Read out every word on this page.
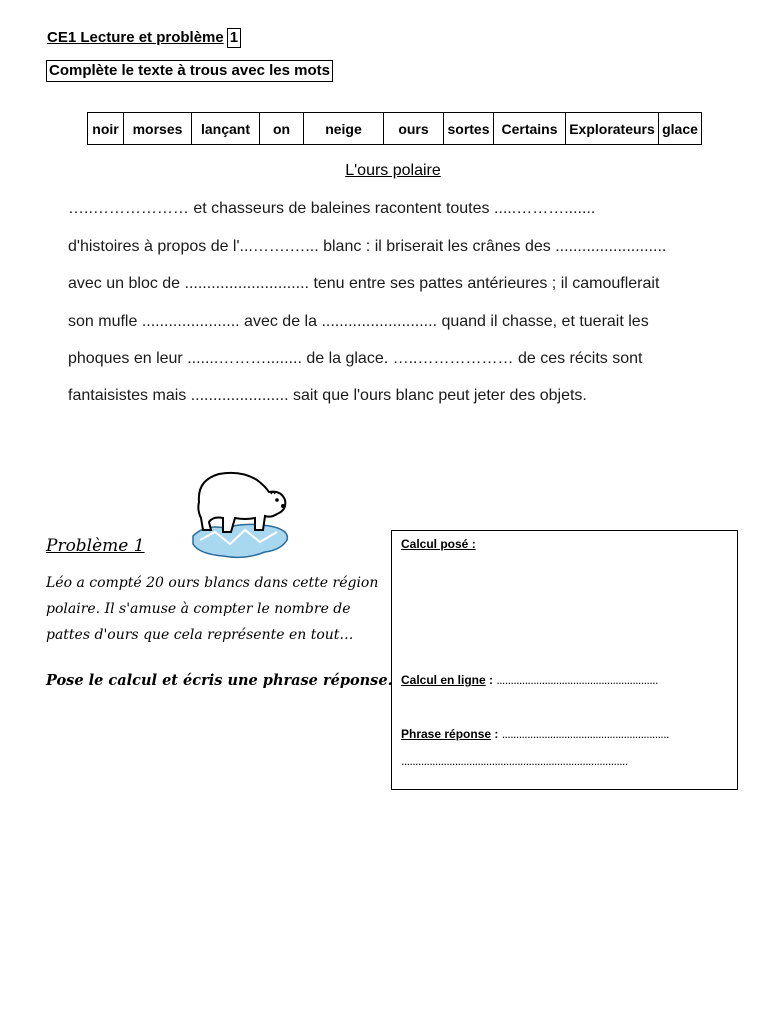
CE1 Lecture et problème 1
Complète le texte à trous avec les mots
noir morses	lançant	on	neige	ours	sortes Certains Explorateurs glace
L'ours polaire
…..……………… et chasseurs de baleines racontent toutes .....……….......
d'histoires à propos de l'...…….…... blanc : il briserait les crânes des .........................
avec un bloc de ............................ tenu entre ses pattes antérieures ; il camouflerait
son mufle ...................... avec de la .......................... quand il chasse, et tuerait les
phoques en leur .......………........ de la glace. …..……………… de ces récits sont
fantaisistes mais ...................... sait que l'ours blanc peut jeter des objets.
Problème 1
Léo a compté 20 ours blancs dans cette région polaire. Il s'amuse à compter le nombre de pattes d'ours que cela représente en tout…
Pose le calcul et écris une phrase réponse.
Calcul posé :
Calcul en ligne : .........................................................
Phrase réponse : ...........................................................
................................................................................
